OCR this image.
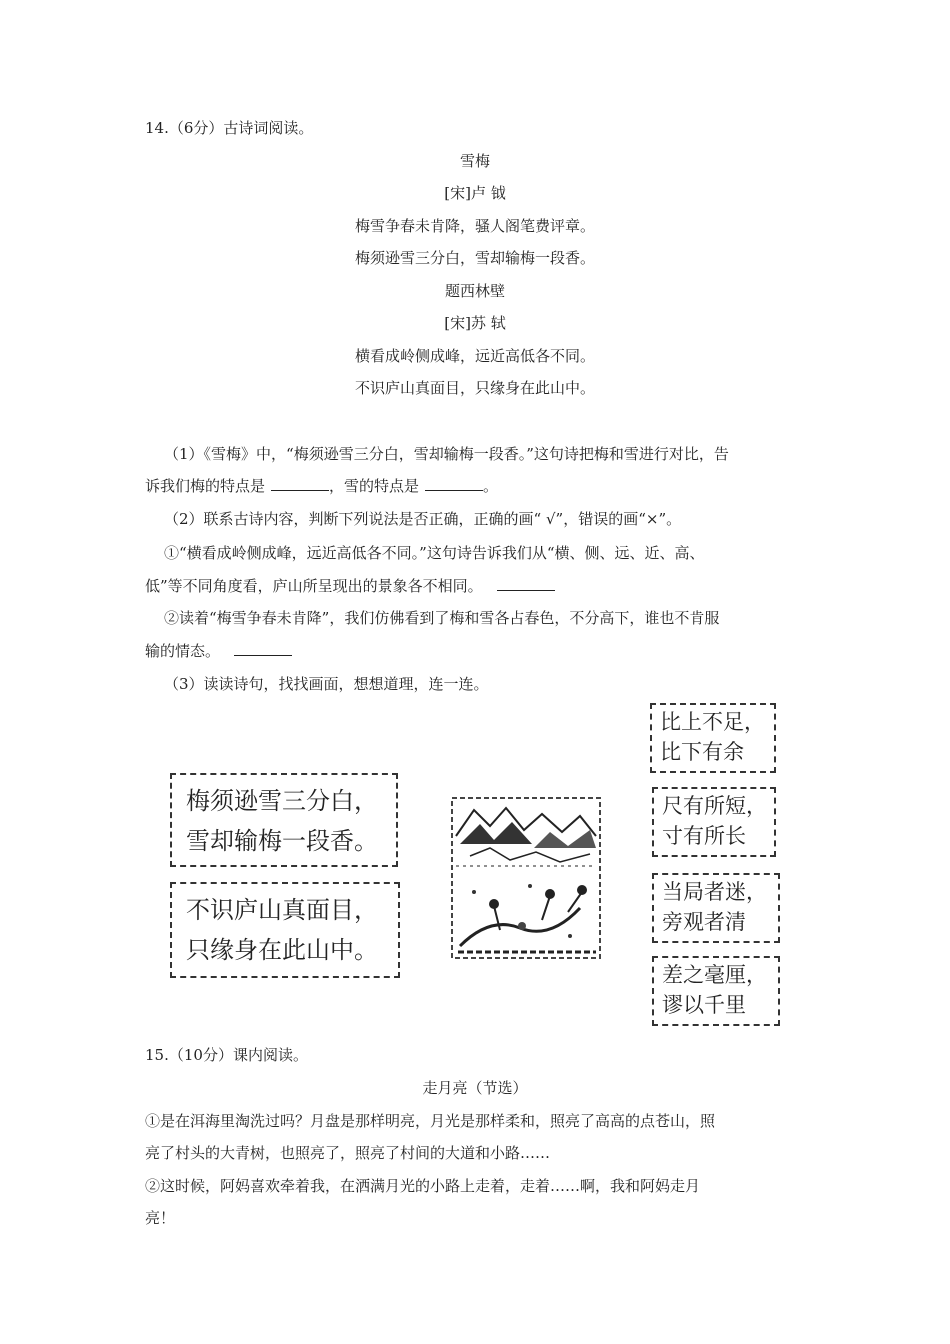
14.（6分）古诗词阅读。
雪梅
[宋]卢 钺
梅雪争春未肯降，骚人阁笔费评章。
梅须逊雪三分白，雪却输梅一段香。
题西林壁
[宋]苏 轼
横看成岭侧成峰，远近高低各不同。
不识庐山真面目，只缘身在此山中。
（1）《雪梅》中，“梅须逊雪三分白，雪却输梅一段香。”这句诗把梅和雪进行对比，告
诉我们梅的特点是	，雪的特点是	。
（2）联系古诗内容，判断下列说法是否正确，正确的画“ √”，错误的画“×”。
①“横看成岭侧成峰，远近高低各不同。”这句诗告诉我们从“横、侧、远、近、高、
低”等不同角度看，庐山所呈现出的景象各不相同。
②读着“梅雪争春未肯降”，我们仿佛看到了梅和雪各占春色，不分高下，谁也不肯服
输的情态。
（3）读读诗句，找找画面，想想道理，连一连。
梅须逊雪三分白，
雪却输梅一段香。
不识庐山真面目，
只缘身在此山中。
比上不足，
比下有余
尺有所短，
寸有所长
当局者迷，
旁观者清
差之毫厘，
谬以千里
15.（10分）课内阅读。
走月亮（节选）
①是在洱海里淘洗过吗？月盘是那样明亮，月光是那样柔和，照亮了高高的点苍山，照
亮了村头的大青树，也照亮了，照亮了村间的大道和小路……
②这时候，阿妈喜欢牵着我，在洒满月光的小路上走着，走着……啊，我和阿妈走月
亮！
